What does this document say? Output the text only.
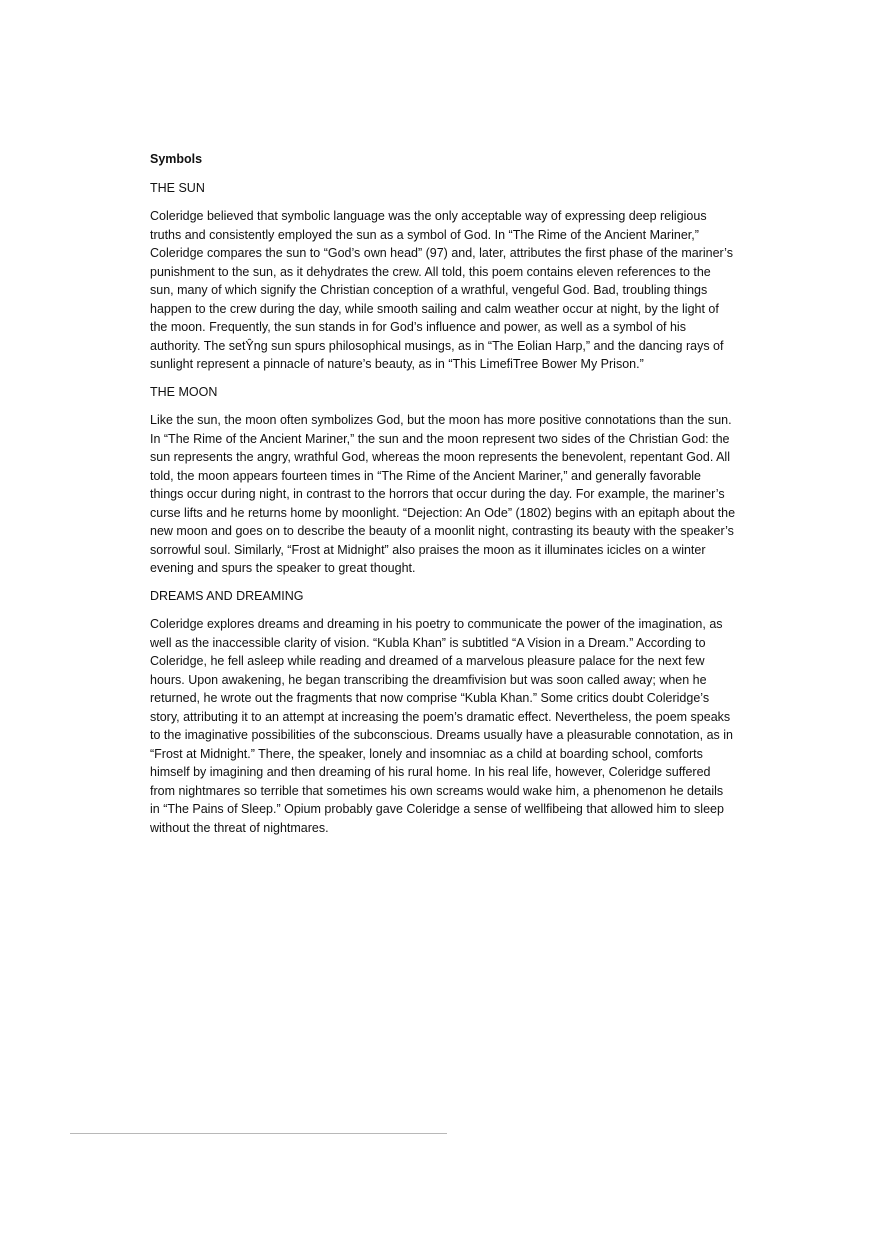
Symbols

THE SUN

Coleridge believed that symbolic language was the only acceptable way of expressing deep religious truths and consistently employed the sun as a symbol of God. In “The Rime of the Ancient Mariner,” Coleridge compares the sun to “God’s own head” (97) and, later, attributes the first phase of the mariner’s punishment to the sun, as it dehydrates the crew. All told, this poem contains eleven references to the sun, many of which signify the Christian conception of a wrathful, vengeful God. Bad, troubling things happen to the crew during the day, while smooth sailing and calm weather occur at night, by the light of the moon. Frequently, the sun stands in for God’s influence and power, as well as a symbol of his authority. The setŶng sun spurs philosophical musings, as in “The Eolian Harp,” and the dancing rays of sunlight represent a pinnacle of nature’s beauty, as in “This LimefiTree Bower My Prison.”

THE MOON

Like the sun, the moon often symbolizes God, but the moon has more positive connotations than the sun. In “The Rime of the Ancient Mariner,” the sun and the moon represent two sides of the Christian God: the sun represents the angry, wrathful God, whereas the moon represents the benevolent, repentant God. All told, the moon appears fourteen times in “The Rime of the Ancient Mariner,” and generally favorable things occur during night, in contrast to the horrors that occur during the day. For example, the mariner’s curse lifts and he returns home by moonlight. “Dejection: An Ode” (1802) begins with an epitaph about the new moon and goes on to describe the beauty of a moonlit night, contrasting its beauty with the speaker’s sorrowful soul. Similarly, “Frost at Midnight” also praises the moon as it illuminates icicles on a winter evening and spurs the speaker to great thought.

DREAMS AND DREAMING

Coleridge explores dreams and dreaming in his poetry to communicate the power of the imagination, as well as the inaccessible clarity of vision. “Kubla Khan” is subtitled “A Vision in a Dream.” According to Coleridge, he fell asleep while reading and dreamed of a marvelous pleasure palace for the next few hours. Upon awakening, he began transcribing the dreamfivision but was soon called away; when he returned, he wrote out the fragments that now comprise “Kubla Khan.” Some critics doubt Coleridge’s story, attributing it to an attempt at increasing the poem’s dramatic effect. Nevertheless, the poem speaks to the imaginative possibilities of the subconscious. Dreams usually have a pleasurable connotation, as in “Frost at Midnight.” There, the speaker, lonely and insomniac as a child at boarding school, comforts himself by imagining and then dreaming of his rural home. In his real life, however, Coleridge suffered from nightmares so terrible that sometimes his own screams would wake him, a phenomenon he details in “The Pains of Sleep.” Opium probably gave Coleridge a sense of wellfibeing that allowed him to sleep without the threat of nightmares.
